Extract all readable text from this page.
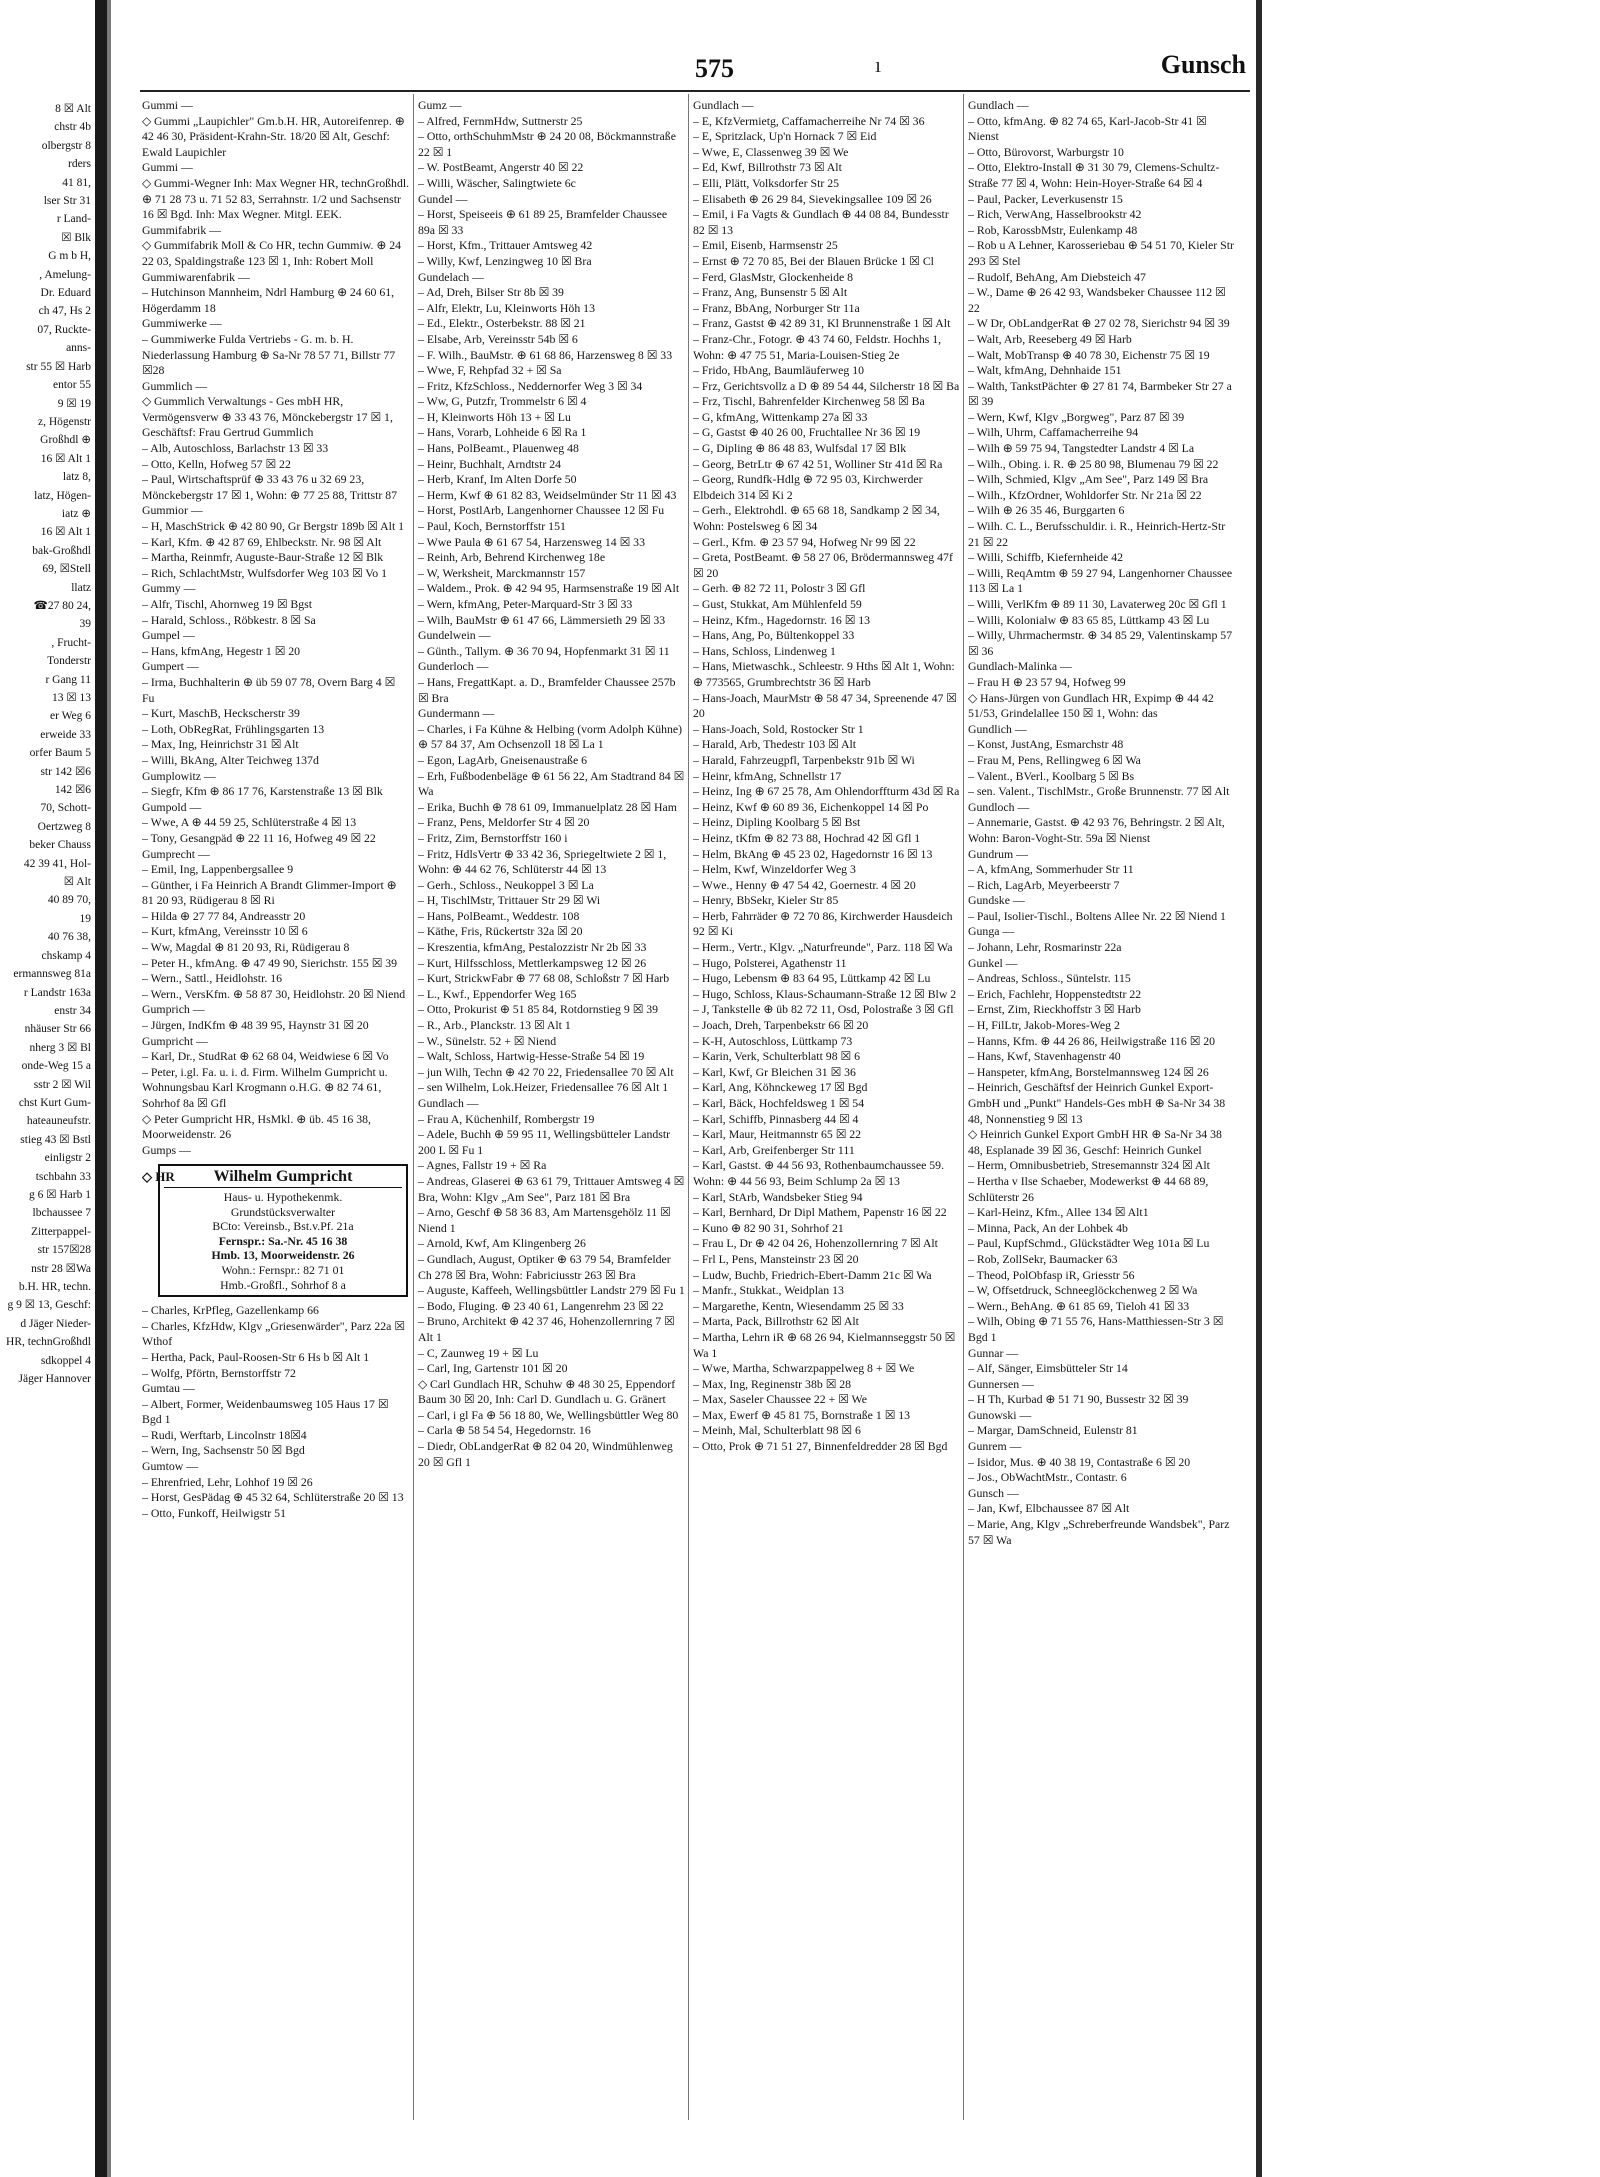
8 ☒ Alt
chstr 4b
olbergstr 8
rders
41 81,
lser Str 31
r Land-
☒ Blk
G m b H,
, Amelung-
Dr. Eduard
ch 47, Hs 2
07, Ruckte-
anns-
str 55 ☒ Harb
entor 55
9 ☒ 19
z, Högenstr
Großhdl ⊕
16 ☒ Alt 1
latz 8,
latz, Högen-
iatz ⊕
16 ☒ Alt 1
bak-Großhdl
69, ☒Stell
llatz
☎27 80 24,
39
, Frucht-
Tonderstr
r Gang 11
13 ☒ 13
er Weg 6
erweide 33
orfer Baum 5
str 142 ☒6
142 ☒6
70, Schott-
Oertzweg 8
beker Chauss
42 39 41, Hol-
☒ Alt
40 89 70,
19
40 76 38,
chskamp 4
ermannsweg 81a
r Landstr 163a
enstr 34
nhäuser Str 66
nherg 3 ☒ Bl
onde-Weg 15 a
sstr 2 ☒ Wil
chst Kurt Gum-
hateauneufstr.
stieg 43 ☒ Bstl
einligstr 2
tschbahn 33
g 6 ☒ Harb 1
lbchaussee 7
Zitterpappel-
str 157☒28
nstr 28 ☒Wa
b.H. HR, techn.
g 9 ☒ 13, Geschf:
d Jäger Nieder-
HR, technGroßhdl
sdkoppel 4
Jäger Hannover
575	ı	Gunsch

Gummi —

◇ Gummi „Laupichler" Gm.b.H. HR, Autoreifenrep. ⊕ 42 46 30, Präsident-Krahn-Str. 18/20 ☒ Alt, Geschf: Ewald Laupichler

Gummi —

◇ Gummi-Wegner Inh: Max Wegner HR, technGroßhdl. ⊕ 71 28 73 u. 71 52 83, Serrahnstr. 1/2 und Sachsenstr 16 ☒ Bgd. Inh: Max Wegner. Mitgl. EEK.

Gummifabrik —

◇ Gummifabrik Moll & Co HR, techn Gummiw. ⊕ 24 22 03, Spaldingstraße 123 ☒ 1, Inh: Robert Moll

Gummiwarenfabrik —

– Hutchinson Mannheim, Ndrl Hamburg ⊕ 24 60 61, Högerdamm 18

Gummiwerke —

– Gummiwerke Fulda Vertriebs - G. m. b. H. Niederlassung Hamburg ⊕ Sa-Nr 78 57 71, Billstr 77 ☒28

Gummlich —

◇ Gummlich Verwaltungs - Ges mbH HR, Vermögensverw ⊕ 33 43 76, Mönckebergstr 17 ☒ 1, Geschäftsf: Frau Gertrud Gummlich

– Alb, Autoschloss, Barlachstr 13 ☒ 33

– Otto, Kelln, Hofweg 57 ☒ 22

– Paul, Wirtschaftsprüf ⊕ 33 43 76 u 32 69 23, Mönckebergstr 17 ☒ 1, Wohn: ⊕ 77 25 88, Trittstr 87

Gummior —

– H, MaschStrick ⊕ 42 80 90, Gr Bergstr 189b ☒ Alt 1

– Karl, Kfm. ⊕ 42 87 69, Ehlbeckstr. Nr. 98 ☒ Alt

– Martha, Reinmfr, Auguste-Baur-Straße 12 ☒ Blk

– Rich, SchlachtMstr, Wulfsdorfer Weg 103 ☒ Vo 1

Gummy —

– Alfr, Tischl, Ahornweg 19 ☒ Bgst

– Harald, Schloss., Röbkestr. 8 ☒ Sa

Gumpel —

– Hans, kfmAng, Hegestr 1 ☒ 20

Gumpert —

– Irma, Buchhalterin ⊕ üb 59 07 78, Overn Barg 4 ☒ Fu

– Kurt, MaschB, Heckscherstr 39

– Loth, ObRegRat, Frühlingsgarten 13

– Max, Ing, Heinrichstr 31 ☒ Alt

– Willi, BkAng, Alter Teichweg 137d

Gumplowitz —

– Siegfr, Kfm ⊕ 86 17 76, Karstenstraße 13 ☒ Blk

Gumpold —

– Wwe, A ⊕ 44 59 25, Schlüterstraße 4 ☒ 13

– Tony, Gesangpäd ⊕ 22 11 16, Hofweg 49 ☒ 22

Gumprecht —

– Emil, Ing, Lappenbergsallee 9

– Günther, i Fa Heinrich A Brandt Glimmer-Import ⊕ 81 20 93, Rüdigerau 8 ☒ Ri

– Hilda ⊕ 27 77 84, Andreasstr 20

– Kurt, kfmAng, Vereinsstr 10 ☒ 6

– Ww, Magdal ⊕ 81 20 93, Ri, Rüdigerau 8

– Peter H., kfmAng. ⊕ 47 49 90, Sierichstr. 155 ☒ 39

– Wern., Sattl., Heidlohstr. 16

– Wern., VersKfm. ⊕ 58 87 30, Heidlohstr. 20 ☒ Niend

Gumprich —

– Jürgen, IndKfm ⊕ 48 39 95, Haynstr 31 ☒ 20

Gumpricht —

– Karl, Dr., StudRat ⊕ 62 68 04, Weidwiese 6 ☒ Vo

– Peter, i.gl. Fa. u. i. d. Firm. Wilhelm Gumpricht u. Wohnungsbau Karl Krogmann o.H.G. ⊕ 82 74 61, Sohrhof 8a ☒ Gfl

◇ Peter Gumpricht HR, HsMkl. ⊕ üb. 45 16 38, Moorweidenstr. 26

Gumps —

◇ HR	Wilhelm Gumpricht
Haus- u. Hypothekenmk.
Grundstücksverwalter
BCto: Vereinsb., Bst.v.Pf. 21a
Fernspr.: Sa.-Nr. 45 16 38
Hmb. 13, Moorweidenstr. 26
Wohn.: Fernspr.: 82 71 01
Hmb.-Großfl., Sohrhof 8 a

– Charles, KrPfleg, Gazellenkamp 66

– Charles, KfzHdw, Klgv „Griesenwärder", Parz 22a ☒ Wthof

– Hertha, Pack, Paul-Roosen-Str 6 Hs b ☒ Alt 1

– Wolfg, Pförtn, Bernstorffstr 72

Gumtau —

– Albert, Former, Weidenbaumsweg 105 Haus 17 ☒ Bgd 1

– Rudi, Werftarb, Lincolnstr 18☒4

– Wern, Ing, Sachsenstr 50 ☒ Bgd

Gumtow —

– Ehrenfried, Lehr, Lohhof 19 ☒ 26

– Horst, GesPädag ⊕ 45 32 64, Schlüterstraße 20 ☒ 13

– Otto, Funkoff, Heilwigstr 51

Gumz —

– Alfred, FernmHdw, Suttnerstr 25

– Otto, orthSchuhmMstr ⊕ 24 20 08, Böckmannstraße 22 ☒ 1

– W. PostBeamt, Angerstr 40 ☒ 22

– Willi, Wäscher, Salingtwiete 6c

Gundel —

– Horst, Speiseeis ⊕ 61 89 25, Bramfelder Chaussee 89a ☒ 33

– Horst, Kfm., Trittauer Amtsweg 42

– Willy, Kwf, Lenzingweg 10 ☒ Bra

Gundelach —

– Ad, Dreh, Bilser Str 8b ☒ 39

– Alfr, Elektr, Lu, Kleinworts Höh 13

– Ed., Elektr., Osterbekstr. 88 ☒ 21

– Elsabe, Arb, Vereinsstr 54b ☒ 6

– F. Wilh., BauMstr. ⊕ 61 68 86, Harzensweg 8 ☒ 33

– Wwe, F, Rehpfad 32 + ☒ Sa

– Fritz, KfzSchloss., Neddernorfer Weg 3 ☒ 34

– Ww, G, Putzfr, Trommelstr 6 ☒ 4

– H, Kleinworts Höh 13 + ☒ Lu

– Hans, Vorarb, Lohheide 6 ☒ Ra 1

– Hans, PolBeamt., Plauenweg 48

– Heinr, Buchhalt, Arndtstr 24

– Herb, Kranf, Im Alten Dorfe 50

– Herm, Kwf ⊕ 61 82 83, Weidselmünder Str 11 ☒ 43

– Horst, PostlArb, Langenhorner Chaussee 12 ☒ Fu

– Paul, Koch, Bernstorffstr 151

– Wwe Paula ⊕ 61 67 54, Harzensweg 14 ☒ 33

– Reinh, Arb, Behrend Kirchenweg 18e

– W, Werksheit, Marckmannstr 157

– Waldem., Prok. ⊕ 42 94 95, Harmsenstraße 19 ☒ Alt

– Wern, kfmAng, Peter-Marquard-Str 3 ☒ 33

– Wilh, BauMstr ⊕ 61 47 66, Lämmersieth 29 ☒ 33

Gundelwein —

– Günth., Tallym. ⊕ 36 70 94, Hopfenmarkt 31 ☒ 11

Gunderloch —

– Hans, FregattKapt. a. D., Bramfelder Chaussee 257b ☒ Bra

Gundermann —

– Charles, i Fa Kühne & Helbing (vorm Adolph Kühne) ⊕ 57 84 37, Am Ochsenzoll 18 ☒ La 1

– Egon, LagArb, Gneisenaustraße 6

– Erh, Fußbodenbeläge ⊕ 61 56 22, Am Stadtrand 84 ☒ Wa

– Erika, Buchh ⊕ 78 61 09, Immanuelplatz 28 ☒ Ham

– Franz, Pens, Meldorfer Str 4 ☒ 20

– Fritz, Zim, Bernstorffstr 160 i

– Fritz, HdlsVertr ⊕ 33 42 36, Spriegeltwiete 2 ☒ 1, Wohn: ⊕ 44 62 76, Schlüterstr 44 ☒ 13

– Gerh., Schloss., Neukoppel 3 ☒ La

– H, TischlMstr, Trittauer Str 29 ☒ Wi

– Hans, PolBeamt., Weddestr. 108

– Käthe, Fris, Rückertstr 32a ☒ 20

– Kreszentia, kfmAng, Pestalozzistr Nr 2b ☒ 33

– Kurt, Hilfsschloss, Mettlerkampsweg 12 ☒ 26

– Kurt, StrickwFabr ⊕ 77 68 08, Schloßstr 7 ☒ Harb

– L., Kwf., Eppendorfer Weg 165

– Otto, Prokurist ⊕ 51 85 84, Rotdornstieg 9 ☒ 39

– R., Arb., Planckstr. 13 ☒ Alt 1

– W., Sünelstr. 52 + ☒ Niend

– Walt, Schloss, Hartwig-Hesse-Straße 54 ☒ 19

– jun Wilh, Techn ⊕ 42 70 22, Friedensallee 70 ☒ Alt

– sen Wilhelm, Lok.Heizer, Friedensallee 76 ☒ Alt 1

Gundlach —

– Frau A, Küchenhilf, Rombergstr 19

– Adele, Buchh ⊕ 59 95 11, Wellingsbütteler Landstr 200 L ☒ Fu 1

– Agnes, Fallstr 19 + ☒ Ra

– Andreas, Glaserei ⊕ 63 61 79, Trittauer Amtsweg 4 ☒ Bra, Wohn: Klgv „Am See", Parz 181 ☒ Bra

– Arno, Geschf ⊕ 58 36 83, Am Martensgehölz 11 ☒ Niend 1

– Arnold, Kwf, Am Klingenberg 26

– Gundlach, August, Optiker ⊕ 63 79 54, Bramfelder Ch 278 ☒ Bra, Wohn: Fabriciusstr 263 ☒ Bra

– Auguste, Kaffeeh, Wellingsbüttler Landstr 279 ☒ Fu 1

– Bodo, Fluging. ⊕ 23 40 61, Langenrehm 23 ☒ 22

– Bruno, Architekt ⊕ 42 37 46, Hohenzollernring 7 ☒ Alt 1

– C, Zaunweg 19 + ☒ Lu

– Carl, Ing, Gartenstr 101 ☒ 20

◇ Carl Gundlach HR, Schuhw ⊕ 48 30 25, Eppendorf Baum 30 ☒ 20, Inh: Carl D. Gundlach u. G. Gränert

– Carl, i gl Fa ⊕ 56 18 80, We, Wellingsbüttler Weg 80

– Carla ⊕ 58 54 54, Hegedornstr. 16

– Diedr, ObLandgerRat ⊕ 82 04 20, Windmühlenweg 20 ☒ Gfl 1

Gundlach —

– E, KfzVermietg, Caffamacherreihe Nr 74 ☒ 36

– E, Spritzlack, Up'n Hornack 7 ☒ Eid

– Wwe, E, Classenweg 39 ☒ We

– Ed, Kwf, Billrothstr 73 ☒ Alt

– Elli, Plätt, Volksdorfer Str 25

– Elisabeth ⊕ 26 29 84, Sievekingsallee 109 ☒ 26

– Emil, i Fa Vagts & Gundlach ⊕ 44 08 84, Bundesstr 82 ☒ 13

– Emil, Eisenb, Harmsenstr 25

– Ernst ⊕ 72 70 85, Bei der Blauen Brücke 1 ☒ Cl

– Ferd, GlasMstr, Glockenheide 8

– Franz, Ang, Bunsenstr 5 ☒ Alt

– Franz, BbAng, Norburger Str 11a

– Franz, Gastst ⊕ 42 89 31, Kl Brunnenstraße 1 ☒ Alt

– Franz-Chr., Fotogr. ⊕ 43 74 60, Feldstr. Hochhs 1, Wohn: ⊕ 47 75 51, Maria-Louisen-Stieg 2e

– Frido, HbAng, Baumläuferweg 10

– Frz, Gerichtsvollz a D ⊕ 89 54 44, Silcherstr 18 ☒ Ba

– Frz, Tischl, Bahrenfelder Kirchenweg 58 ☒ Ba

– G, kfmAng, Wittenkamp 27a ☒ 33

– G, Gastst ⊕ 40 26 00, Fruchtallee Nr 36 ☒ 19

– G, Dipling ⊕ 86 48 83, Wulfsdal 17 ☒ Blk

– Georg, BetrLtr ⊕ 67 42 51, Wolliner Str 41d ☒ Ra

– Georg, Rundfk-Hdlg ⊕ 72 95 03, Kirchwerder Elbdeich 314 ☒ Ki 2

– Gerh., Elektrohdl. ⊕ 65 68 18, Sandkamp 2 ☒ 34, Wohn: Postelsweg 6 ☒ 34

– Gerl., Kfm. ⊕ 23 57 94, Hofweg Nr 99 ☒ 22

– Greta, PostBeamt. ⊕ 58 27 06, Brödermannsweg 47f ☒ 20

– Gerh. ⊕ 82 72 11, Polostr 3 ☒ Gfl

– Gust, Stukkat, Am Mühlenfeld 59

– Heinz, Kfm., Hagedornstr. 16 ☒ 13

– Hans, Ang, Po, Bültenkoppel 33

– Hans, Schloss, Lindenweg 1

– Hans, Mietwaschk., Schleestr. 9 Hths ☒ Alt 1, Wohn: ⊕ 773565, Grumbrechtstr 36 ☒ Harb

– Hans-Joach, MaurMstr ⊕ 58 47 34, Spreenende 47 ☒ 20

– Hans-Joach, Sold, Rostocker Str 1

– Harald, Arb, Thedestr 103 ☒ Alt

– Harald, Fahrzeugpfl, Tarpenbekstr 91b ☒ Wi

– Heinr, kfmAng, Schnellstr 17

– Heinz, Ing ⊕ 67 25 78, Am Ohlendorffturm 43d ☒ Ra

– Heinz, Kwf ⊕ 60 89 36, Eichenkoppel 14 ☒ Po

– Heinz, Dipling Koolbarg 5 ☒ Bst

– Heinz, tKfm ⊕ 82 73 88, Hochrad 42 ☒ Gfl 1

– Helm, BkAng ⊕ 45 23 02, Hagedornstr 16 ☒ 13

– Helm, Kwf, Winzeldorfer Weg 3

– Wwe., Henny ⊕ 47 54 42, Goernestr. 4 ☒ 20

– Henry, BbSekr, Kieler Str 85

– Herb, Fahrräder ⊕ 72 70 86, Kirchwerder Hausdeich 92 ☒ Ki

– Herm., Vertr., Klgv. „Naturfreunde", Parz. 118 ☒ Wa

– Hugo, Polsterei, Agathenstr 11

– Hugo, Lebensm ⊕ 83 64 95, Lüttkamp 42 ☒ Lu

– Hugo, Schloss, Klaus-Schaumann-Straße 12 ☒ Blw 2

– J, Tankstelle ⊕ üb 82 72 11, Osd, Polostraße 3 ☒ Gfl

– Joach, Dreh, Tarpenbekstr 66 ☒ 20

– K-H, Autoschloss, Lüttkamp 73

– Karin, Verk, Schulterblatt 98 ☒ 6

– Karl, Kwf, Gr Bleichen 31 ☒ 36

– Karl, Ang, Köhnckeweg 17 ☒ Bgd

– Karl, Bäck, Hochfeldsweg 1 ☒ 54

– Karl, Schiffb, Pinnasberg 44 ☒ 4

– Karl, Maur, Heitmannstr 65 ☒ 22

– Karl, Arb, Greifenberger Str 111

– Karl, Gastst. ⊕ 44 56 93, Rothenbaumchaussee 59. Wohn: ⊕ 44 56 93, Beim Schlump 2a ☒ 13

– Karl, StArb, Wandsbeker Stieg 94

– Karl, Bernhard, Dr Dipl Mathem, Papenstr 16 ☒ 22

– Kuno ⊕ 82 90 31, Sohrhof 21

– Frau L, Dr ⊕ 42 04 26, Hohenzollernring 7 ☒ Alt

– Frl L, Pens, Mansteinstr 23 ☒ 20

– Ludw, Buchb, Friedrich-Ebert-Damm 21c ☒ Wa

– Manfr., Stukkat., Weidplan 13

– Margarethe, Kentn, Wiesendamm 25 ☒ 33

– Marta, Pack, Billrothstr 62 ☒ Alt

– Martha, Lehrn iR ⊕ 68 26 94, Kielmannseggstr 50 ☒ Wa 1

– Wwe, Martha, Schwarzpappelweg 8 + ☒ We

– Max, Ing, Reginenstr 38b ☒ 28

– Max, Saseler Chaussee 22 + ☒ We

– Max, Ewerf ⊕ 45 81 75, Bornstraße 1 ☒ 13

– Meinh, Mal, Schulterblatt 98 ☒ 6

– Otto, Prok ⊕ 71 51 27, Binnenfeldredder 28 ☒ Bgd

Gundlach —

– Otto, kfmAng. ⊕ 82 74 65, Karl-Jacob-Str 41 ☒ Nienst

– Otto, Bürovorst, Warburgstr 10

– Otto, Elektro-Install ⊕ 31 30 79, Clemens-Schultz-Straße 77 ☒ 4, Wohn: Hein-Hoyer-Straße 64 ☒ 4

– Paul, Packer, Leverkusenstr 15

– Rich, VerwAng, Hasselbrookstr 42

– Rob, KarossbMstr, Eulenkamp 48

– Rob u A Lehner, Karosseriebau ⊕ 54 51 70, Kieler Str 293 ☒ Stel

– Rudolf, BehAng, Am Diebsteich 47

– W., Dame ⊕ 26 42 93, Wandsbeker Chaussee 112 ☒ 22

– W Dr, ObLandgerRat ⊕ 27 02 78, Sierichstr 94 ☒ 39

– Walt, Arb, Reeseberg 49 ☒ Harb

– Walt, MobTransp ⊕ 40 78 30, Eichenstr 75 ☒ 19

– Walt, kfmAng, Dehnhaide 151

– Walth, TankstPächter ⊕ 27 81 74, Barmbeker Str 27 a ☒ 39

– Wern, Kwf, Klgv „Borgweg", Parz 87 ☒ 39

– Wilh, Uhrm, Caffamacherreihe 94

– Wilh ⊕ 59 75 94, Tangstedter Landstr 4 ☒ La

– Wilh., Obing. i. R. ⊕ 25 80 98, Blumenau 79 ☒ 22

– Wilh, Schmied, Klgv „Am See", Parz 149 ☒ Bra

– Wilh., KfzOrdner, Wohldorfer Str. Nr 21a ☒ 22

– Wilh ⊕ 26 35 46, Burggarten 6

– Wilh. C. L., Berufsschuldir. i. R., Heinrich-Hertz-Str 21 ☒ 22

– Willi, Schiffb, Kiefernheide 42

– Willi, ReqAmtm ⊕ 59 27 94, Langenhorner Chaussee 113 ☒ La 1

– Willi, VerlKfm ⊕ 89 11 30, Lavaterweg 20c ☒ Gfl 1

– Willi, Kolonialw ⊕ 83 65 85, Lüttkamp 43 ☒ Lu

– Willy, Uhrmachermstr. ⊕ 34 85 29, Valentinskamp 57 ☒ 36

Gundlach-Malinka —

– Frau H ⊕ 23 57 94, Hofweg 99

◇ Hans-Jürgen von Gundlach HR, Expimp ⊕ 44 42 51/53, Grindelallee 150 ☒ 1, Wohn: das

Gundlich —

– Konst, JustAng, Esmarchstr 48

– Frau M, Pens, Rellingweg 6 ☒ Wa

– Valent., BVerl., Koolbarg 5 ☒ Bs

– sen. Valent., TischlMstr., Große Brunnenstr. 77 ☒ Alt

Gundloch —

– Annemarie, Gastst. ⊕ 42 93 76, Behringstr. 2 ☒ Alt, Wohn: Baron-Voght-Str. 59a ☒ Nienst

Gundrum —

– A, kfmAng, Sommerhuder Str 11

– Rich, LagArb, Meyerbeerstr 7

Gundske —

– Paul, Isolier-Tischl., Boltens Allee Nr. 22 ☒ Niend 1

Gunga —

– Johann, Lehr, Rosmarinstr 22a

Gunkel —

– Andreas, Schloss., Süntelstr. 115

– Erich, Fachlehr, Hoppenstedtstr 22

– Ernst, Zim, Rieckhoffstr 3 ☒ Harb

– H, FilLtr, Jakob-Mores-Weg 2

– Hanns, Kfm. ⊕ 44 26 86, Heilwigstraße 116 ☒ 20

– Hans, Kwf, Stavenhagenstr 40

– Hanspeter, kfmAng, Borstelmannsweg 124 ☒ 26

– Heinrich, Geschäftsf der Heinrich Gunkel Export-GmbH und „Punkt" Handels-Ges mbH ⊕ Sa-Nr 34 38 48, Nonnenstieg 9 ☒ 13

◇ Heinrich Gunkel Export GmbH HR ⊕ Sa-Nr 34 38 48, Esplanade 39 ☒ 36, Geschf: Heinrich Gunkel

– Herm, Omnibusbetrieb, Stresemannstr 324 ☒ Alt

– Hertha v Ilse Schaeber, Modewerkst ⊕ 44 68 89, Schlüterstr 26

– Karl-Heinz, Kfm., Allee 134 ☒ Alt1

– Minna, Pack, An der Lohbek 4b

– Paul, KupfSchmd., Glückstädter Weg 101a ☒ Lu

– Rob, ZollSekr, Baumacker 63

– Theod, PolObfasp iR, Griesstr 56

– W, Offsetdruck, Schneeglöckchenweg 2 ☒ Wa

– Wern., BehAng. ⊕ 61 85 69, Tieloh 41 ☒ 33

– Wilh, Obing ⊕ 71 55 76, Hans-Matthiessen-Str 3 ☒ Bgd 1

Gunnar —

– Alf, Sänger, Eimsbütteler Str 14

Gunnersen —

– H Th, Kurbad ⊕ 51 71 90, Bussestr 32 ☒ 39

Gunowski —

– Margar, DamSchneid, Eulenstr 81

Gunrem —

– Isidor, Mus. ⊕ 40 38 19, Contastraße 6 ☒ 20

– Jos., ObWachtMstr., Contastr. 6

Gunsch —

– Jan, Kwf, Elbchaussee 87 ☒ Alt

– Marie, Ang, Klgv „Schreberfreunde Wandsbek", Parz 57 ☒ Wa
